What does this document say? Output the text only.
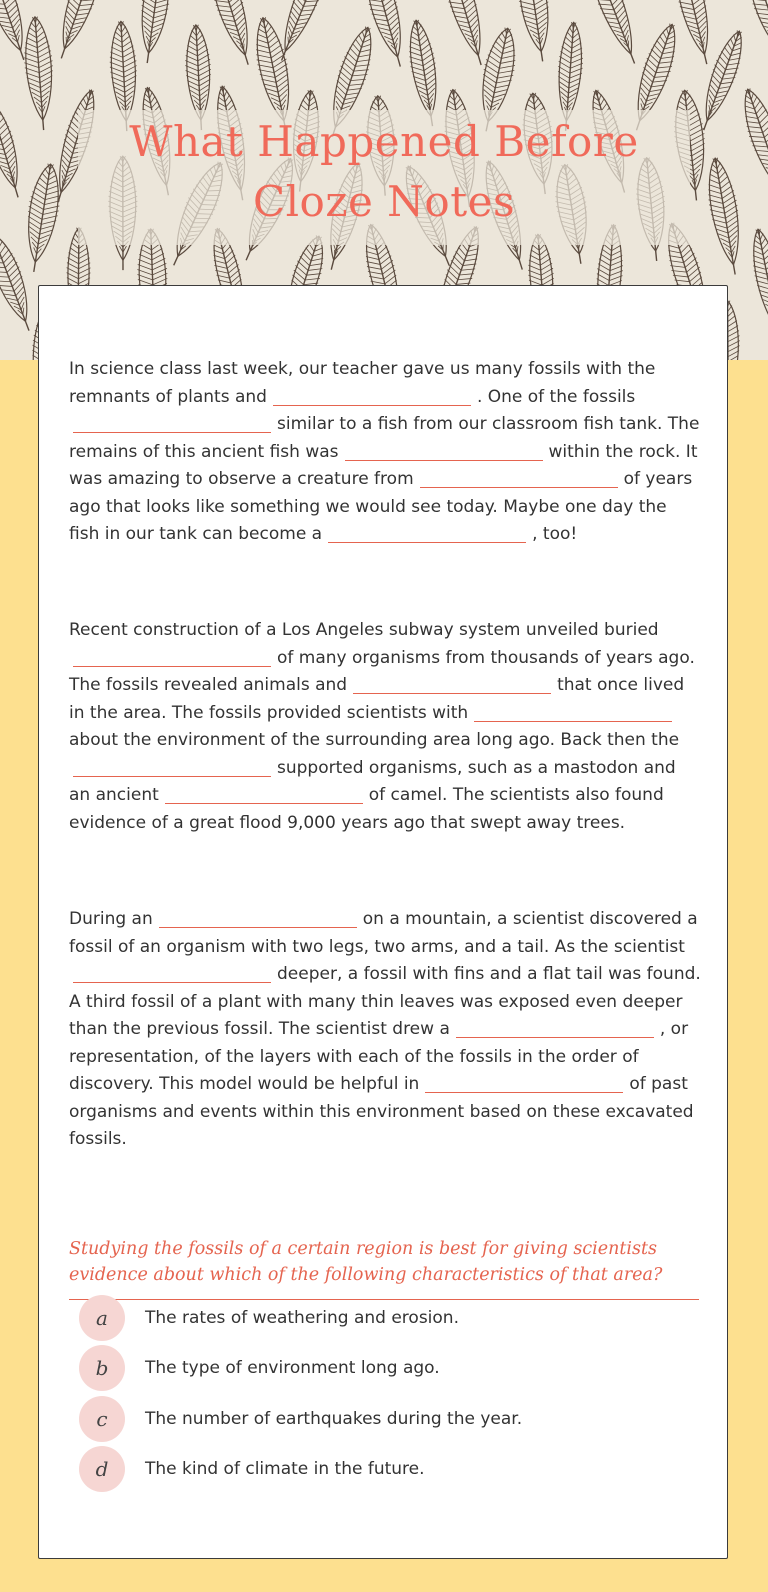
What Happened Before Cloze Notes

In science class last week, our teacher gave us many fossils with the remnants of plants and	. One of the fossils similar to a fish from our classroom fish tank. The remains of this ancient fish was	within the rock. It was amazing to observe a creature from	of years ago that looks like something we would see today. Maybe one day the fish in our tank can become a	, too!

Recent construction of a Los Angeles subway system unveiled buried of many organisms from thousands of years ago. The fossils revealed animals and	that once lived in the area. The fossils provided scientists with about the environment of the surrounding area long ago. Back then the supported organisms, such as a mastodon and an ancient	of camel. The scientists also found evidence of a great flood 9,000 years ago that swept away trees.

During an	on a mountain, a scientist discovered a fossil of an organism with two legs, two arms, and a tail. As the scientist deeper, a fossil with fins and a flat tail was found. A third fossil of a plant with many thin leaves was exposed even deeper than the previous fossil. The scientist drew a	, or representation, of the layers with each of the fossils in the order of discovery. This model would be helpful in	of past organisms and events within this environment based on these excavated fossils.

Studying the fossils of a certain region is best for giving scientists evidence about which of the following characteristics of that area?

a	The rates of weathering and erosion.
b	The type of environment long ago.
c	The number of earthquakes during the year.
d	The kind of climate in the future.
